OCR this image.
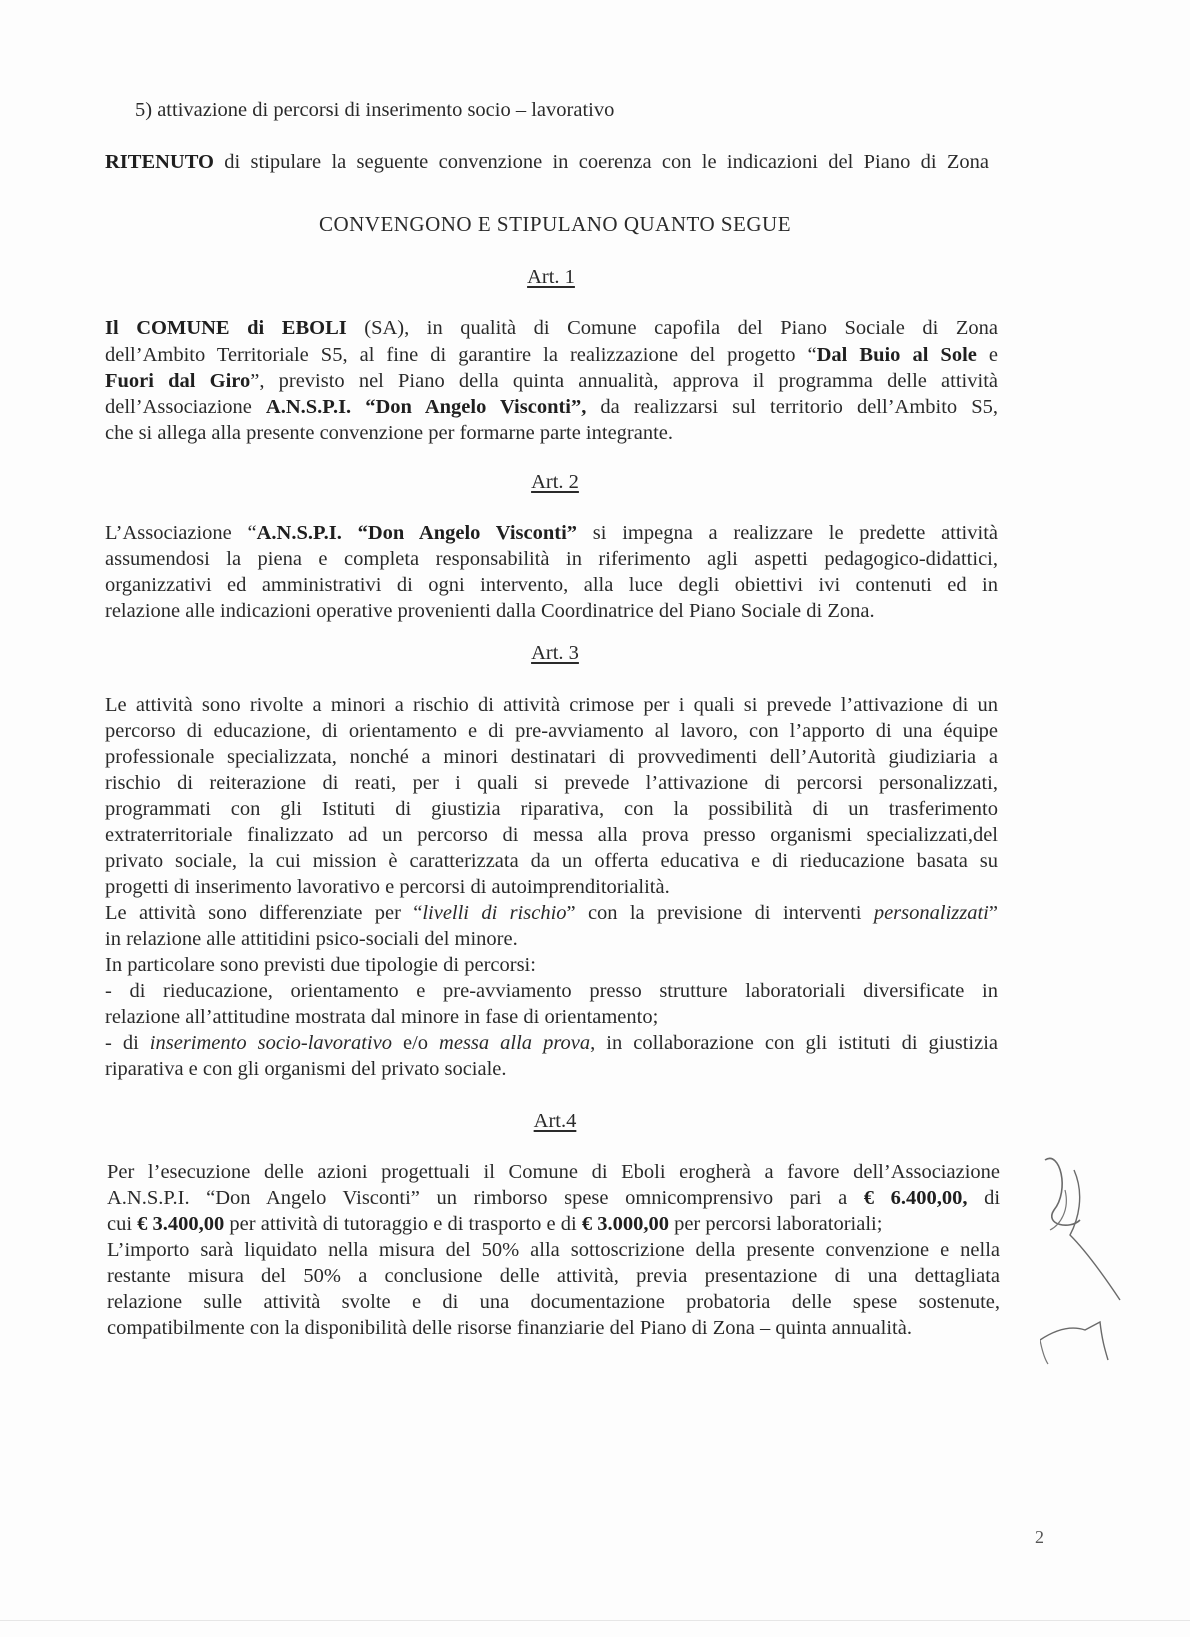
5) attivazione di percorsi di inserimento socio – lavorativo
RITENUTO di stipulare la seguente convenzione in coerenza con le indicazioni del Piano di Zona
CONVENGONO E STIPULANO QUANTO SEGUE
Art. 1
Il COMUNE di EBOLI (SA), in qualità di Comune capofila del Piano Sociale di Zona
dell’Ambito Territoriale S5, al fine di garantire la realizzazione del progetto “Dal Buio al Sole e
Fuori dal Giro”, previsto nel Piano della quinta annualità, approva il programma delle attività
dell’Associazione A.N.S.P.I. “Don Angelo Visconti”, da realizzarsi sul territorio dell’Ambito S5,
che si allega alla presente convenzione per formarne parte integrante.
Art. 2
L’Associazione “A.N.S.P.I. “Don Angelo Visconti” si impegna a realizzare le predette attività
assumendosi la piena e completa responsabilità in riferimento agli aspetti pedagogico-didattici,
organizzativi ed amministrativi di ogni intervento, alla luce degli obiettivi ivi contenuti ed in
relazione alle indicazioni operative provenienti dalla Coordinatrice del Piano Sociale di Zona.
Art. 3
Le attività sono rivolte a minori a rischio di attività crimose per i quali si prevede l’attivazione di un
percorso di educazione, di orientamento e di pre-avviamento al lavoro, con l’apporto di una équipe
professionale specializzata, nonché a minori destinatari di provvedimenti dell’Autorità giudiziaria a
rischio di reiterazione di reati, per i quali si prevede l’attivazione di percorsi personalizzati,
programmati con gli Istituti di giustizia riparativa, con la possibilità di un trasferimento
extraterritoriale finalizzato ad un percorso di messa alla prova presso organismi specializzati,del
privato sociale, la cui mission è caratterizzata da un offerta educativa e di rieducazione basata su
progetti di inserimento lavorativo e percorsi di autoimprenditorialità.
Le attività sono differenziate per “livelli di rischio” con la previsione di interventi personalizzati”
in relazione alle attitidini psico-sociali del minore.
In particolare sono previsti due tipologie di percorsi:
- di rieducazione, orientamento e pre-avviamento presso strutture laboratoriali diversificate in
relazione all’attitudine mostrata dal minore in fase di orientamento;
- di inserimento socio-lavorativo e/o messa alla prova, in collaborazione con gli istituti di giustizia
riparativa e con gli organismi del privato sociale.
Art.4
Per l’esecuzione delle azioni progettuali il Comune di Eboli erogherà a favore dell’Associazione
A.N.S.P.I. “Don Angelo Visconti” un rimborso spese omnicomprensivo pari a € 6.400,00, di
cui € 3.400,00 per attività di tutoraggio e di trasporto e di € 3.000,00 per percorsi laboratoriali;
L’importo sarà liquidato nella misura del 50% alla sottoscrizione della presente convenzione e nella
restante misura del 50% a conclusione delle attività, previa presentazione di una dettagliata
relazione sulle attività svolte e di una documentazione probatoria delle spese sostenute,
compatibilmente con la disponibilità delle risorse finanziarie del Piano di Zona – quinta annualità.
2
